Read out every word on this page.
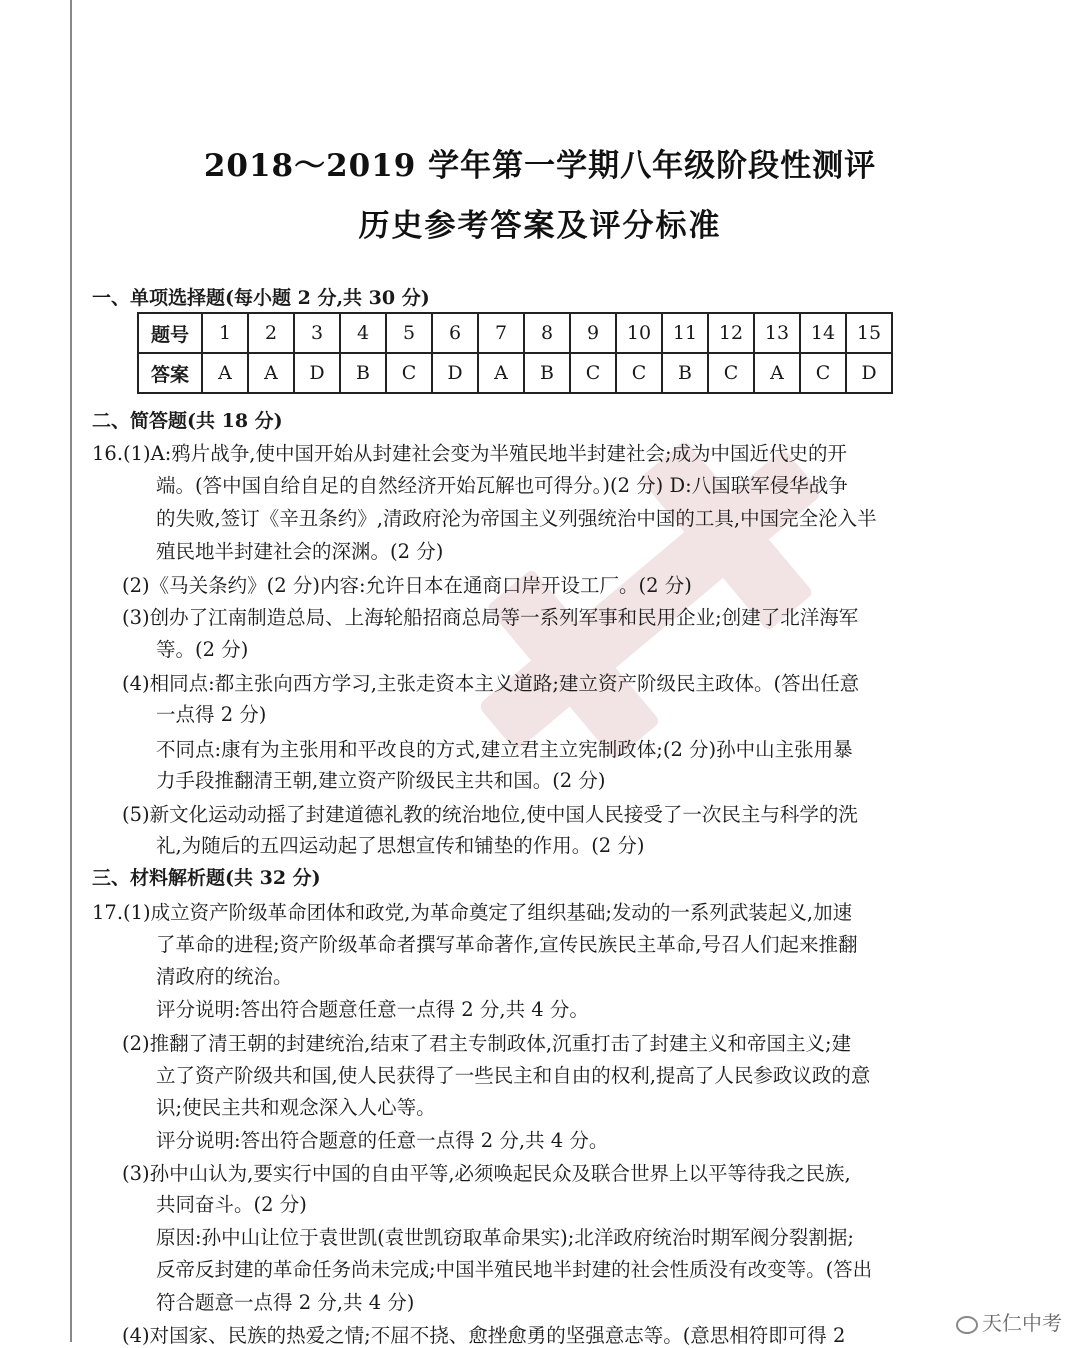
2018～2019 学年第一学期八年级阶段性测评
历史参考答案及评分标准
一、单项选择题(每小题 2 分,共 30 分)
题号	1	2	3	4	5	6	7	8	9	10	11	12	13	14	15
答案	A	A	D	B	C	D	A	B	C	C	B	C	A	C	D
二、简答题(共 18 分)
16.(1)A:鸦片战争,使中国开始从封建社会变为半殖民地半封建社会;成为中国近代史的开
端。(答中国自给自足的自然经济开始瓦解也可得分。)(2 分) D:八国联军侵华战争
的失败,签订《辛丑条约》,清政府沦为帝国主义列强统治中国的工具,中国完全沦入半
殖民地半封建社会的深渊。(2 分)
(2)《马关条约》(2 分)内容:允许日本在通商口岸开设工厂。(2 分)
(3)创办了江南制造总局、上海轮船招商总局等一系列军事和民用企业;创建了北洋海军
等。(2 分)
(4)相同点:都主张向西方学习,主张走资本主义道路;建立资产阶级民主政体。(答出任意
一点得 2 分)
不同点:康有为主张用和平改良的方式,建立君主立宪制政体;(2 分)孙中山主张用暴
力手段推翻清王朝,建立资产阶级民主共和国。(2 分)
(5)新文化运动动摇了封建道德礼教的统治地位,使中国人民接受了一次民主与科学的洗
礼,为随后的五四运动起了思想宣传和铺垫的作用。(2 分)
三、材料解析题(共 32 分)
17.(1)成立资产阶级革命团体和政党,为革命奠定了组织基础;发动的一系列武装起义,加速
了革命的进程;资产阶级革命者撰写革命著作,宣传民族民主革命,号召人们起来推翻
清政府的统治。
评分说明:答出符合题意任意一点得 2 分,共 4 分。
(2)推翻了清王朝的封建统治,结束了君主专制政体,沉重打击了封建主义和帝国主义;建
立了资产阶级共和国,使人民获得了一些民主和自由的权利,提高了人民参政议政的意
识;使民主共和观念深入人心等。
评分说明:答出符合题意的任意一点得 2 分,共 4 分。
(3)孙中山认为,要实行中国的自由平等,必须唤起民众及联合世界上以平等待我之民族,
共同奋斗。(2 分)
原因:孙中山让位于袁世凯(袁世凯窃取革命果实);北洋政府统治时期军阀分裂割据;
反帝反封建的革命任务尚未完成;中国半殖民地半封建的社会性质没有改变等。(答出
符合题意一点得 2 分,共 4 分)
(4)对国家、民族的热爱之情;不屈不挠、愈挫愈勇的坚强意志等。(意思相符即可得 2
天仁中考
